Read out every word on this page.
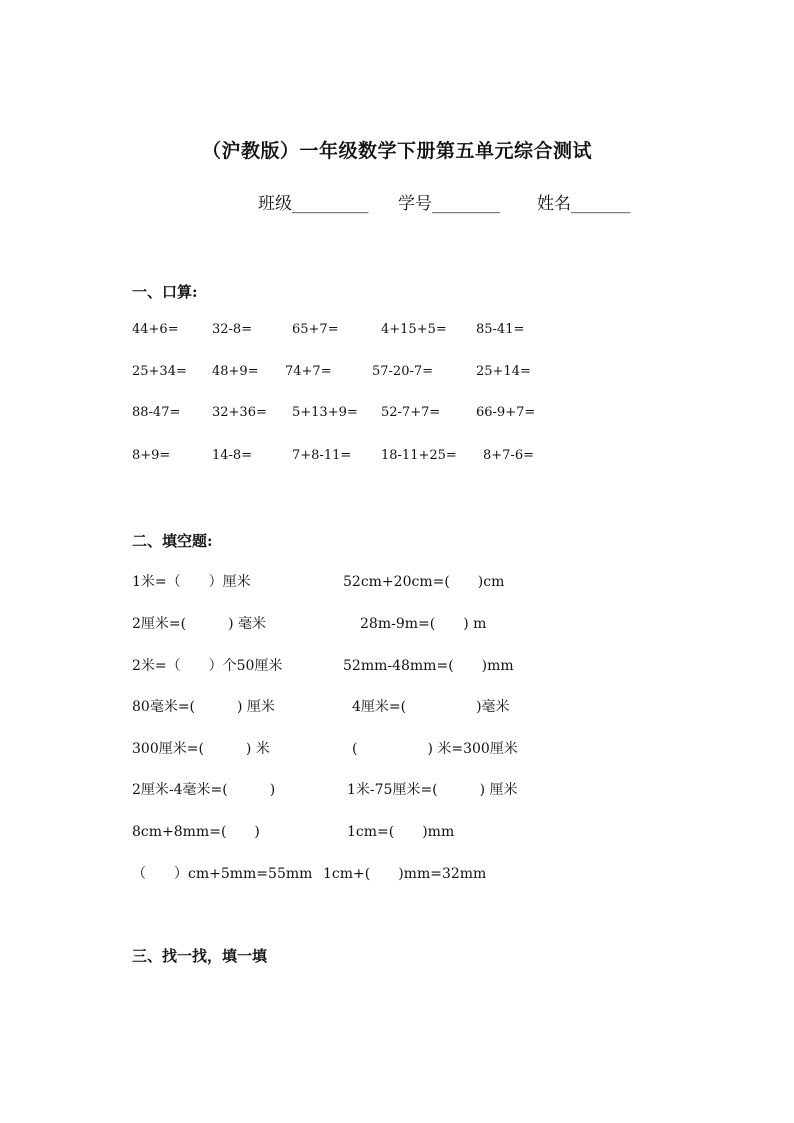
（沪教版）一年级数学下册第五单元综合测试
班级_________ 学号________ 姓名_______
一、口算:
44+6=	32-8=	65+7=	4+15+5= 85-41=
25+34= 48+9= 74+7=	57-20-7=	25+14=
88-47= 32+36= 5+13+9= 52-7+7=	66-9+7=
8+9=	14-8=	7+8-11= 18-11+25= 8+7-6=
二、填空题:
1米=（　　）厘米	52cm+20cm=(　　)cm
2厘米=(　　　) 毫米	28m-9m=(　　) m
2米=（　　）个50厘米	52mm-48mm=(　　)mm
80毫米=(　　　) 厘米	4厘米=(　　　　　)毫米
300厘米=(　　　) 米	(　　　　　) 米=300厘米
2厘米-4毫米=(　　　)	1米-75厘米=(　　　) 厘米
8cm+8mm=(　　)	1cm=(　　)mm
（　　）cm+5mm=55mm 1cm+(　　)mm=32mm
三、找一找，填一填
